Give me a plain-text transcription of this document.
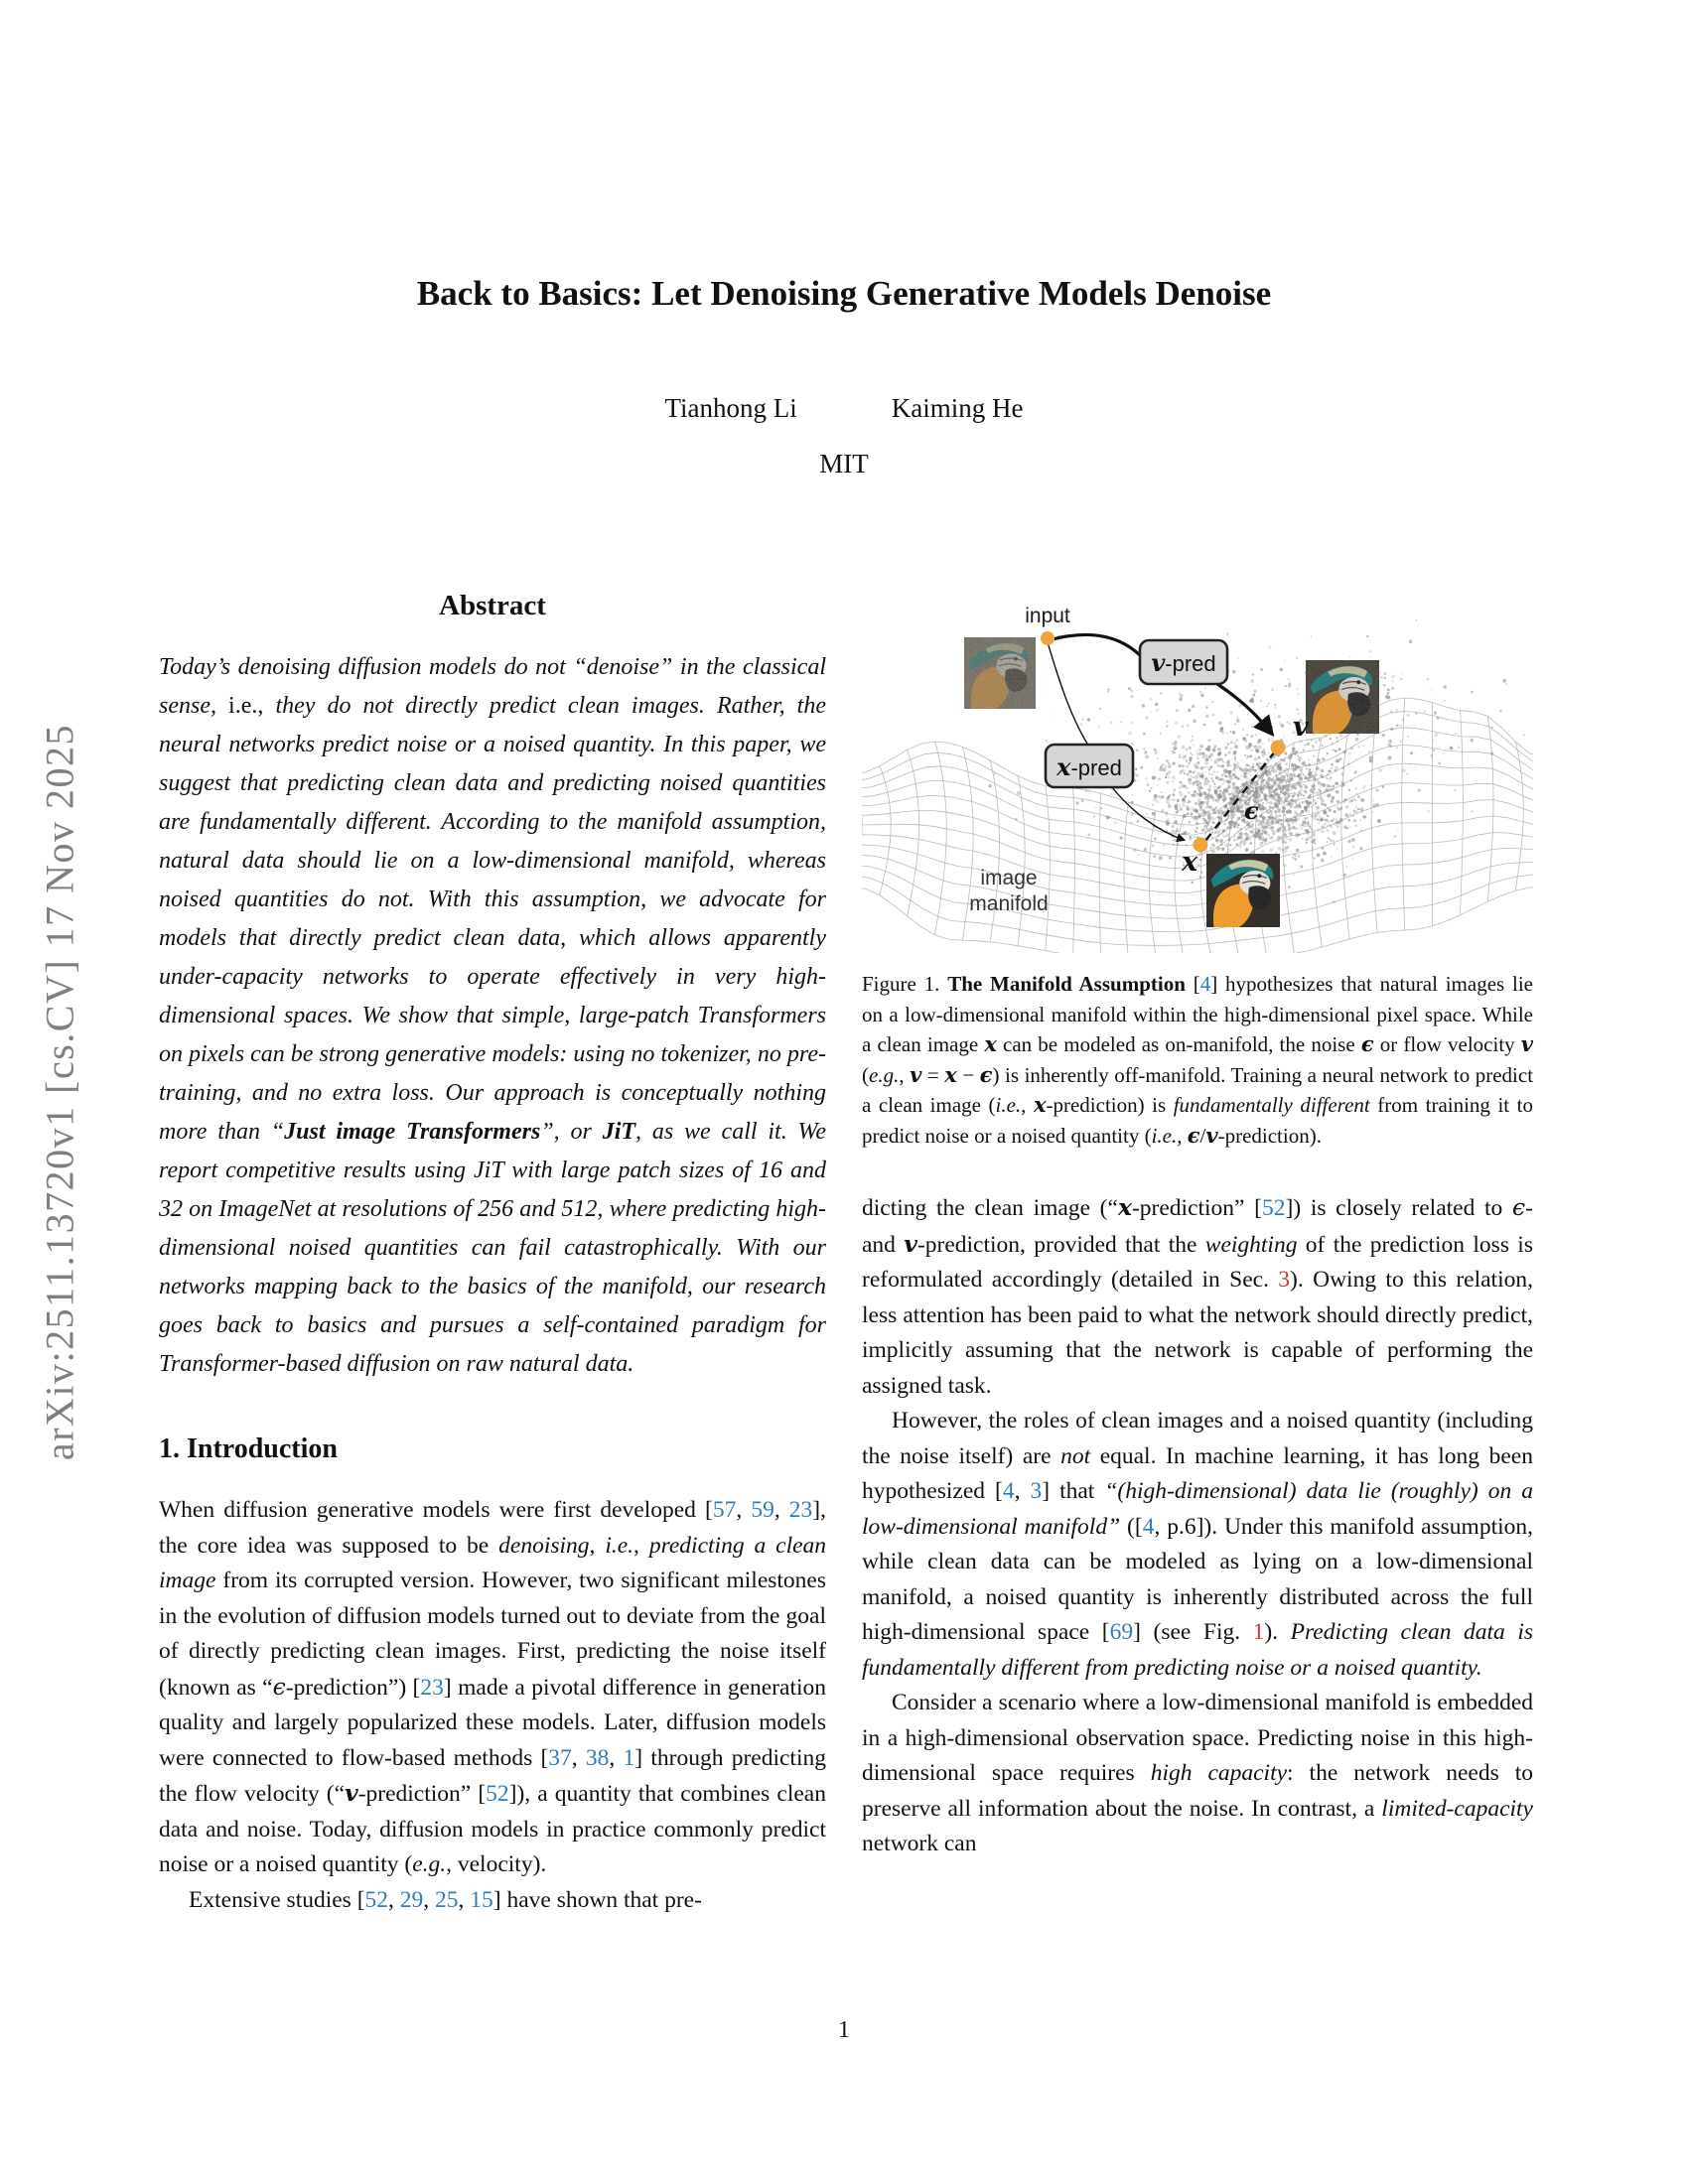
arXiv:2511.13720v1 [cs.CV] 17 Nov 2025
Back to Basics: Let Denoising Generative Models Denoise
Tianhong Li	Kaiming He
MIT
Abstract

Today’s denoising diffusion models do not “denoise” in the classical sense, i.e., they do not directly predict clean images. Rather, the neural networks predict noise or a noised quantity. In this paper, we suggest that predicting clean data and predicting noised quantities are fundamentally different. According to the manifold assumption, natural data should lie on a low-dimensional manifold, whereas noised quantities do not. With this assumption, we advocate for models that directly predict clean data, which allows apparently under-capacity networks to operate effectively in very high-dimensional spaces. We show that simple, large-patch Transformers on pixels can be strong generative models: using no tokenizer, no pre-training, and no extra loss. Our approach is conceptually nothing more than “Just image Transformers”, or JiT, as we call it. We report competitive results using JiT with large patch sizes of 16 and 32 on ImageNet at resolutions of 256 and 512, where predicting high-dimensional noised quantities can fail catastrophically. With our networks mapping back to the basics of the manifold, our research goes back to basics and pursues a self-contained paradigm for Transformer-based diffusion on raw natural data.

1. Introduction

When diffusion generative models were first developed [57, 59, 23], the core idea was supposed to be denoising, i.e., predicting a clean image from its corrupted version. However, two significant milestones in the evolution of diffusion models turned out to deviate from the goal of directly predicting clean images. First, predicting the noise itself (known as “ϵ-prediction”) [23] made a pivotal difference in generation quality and largely popularized these models. Later, diffusion models were connected to flow-based methods [37, 38, 1] through predicting the flow velocity (“v-prediction” [52]), a quantity that combines clean data and noise. Today, diffusion models in practice commonly predict noise or a noised quantity (e.g., velocity).

Extensive studies [52, 29, 25, 15] have shown that pre-

v-pred
x-pred
input
v
x
ϵ
image
manifold

Figure 1. The Manifold Assumption [4] hypothesizes that natural images lie on a low-dimensional manifold within the high-dimensional pixel space. While a clean image x can be modeled as on-manifold, the noise ϵ or flow velocity v (e.g., v = x − ϵ) is inherently off-manifold. Training a neural network to predict a clean image (i.e., x-prediction) is fundamentally different from training it to predict noise or a noised quantity (i.e., ϵ/v-prediction).

dicting the clean image (“x-prediction” [52]) is closely related to ϵ- and v-prediction, provided that the weighting of the prediction loss is reformulated accordingly (detailed in Sec. 3). Owing to this relation, less attention has been paid to what the network should directly predict, implicitly assuming that the network is capable of performing the assigned task.

However, the roles of clean images and a noised quantity (including the noise itself) are not equal. In machine learning, it has long been hypothesized [4, 3] that “(high-dimensional) data lie (roughly) on a low-dimensional manifold” ([4, p.6]). Under this manifold assumption, while clean data can be modeled as lying on a low-dimensional manifold, a noised quantity is inherently distributed across the full high-dimensional space [69] (see Fig. 1). Predicting clean data is fundamentally different from predicting noise or a noised quantity.

Consider a scenario where a low-dimensional manifold is embedded in a high-dimensional observation space. Predicting noise in this high-dimensional space requires high capacity: the network needs to preserve all information about the noise. In contrast, a limited-capacity network can

1
